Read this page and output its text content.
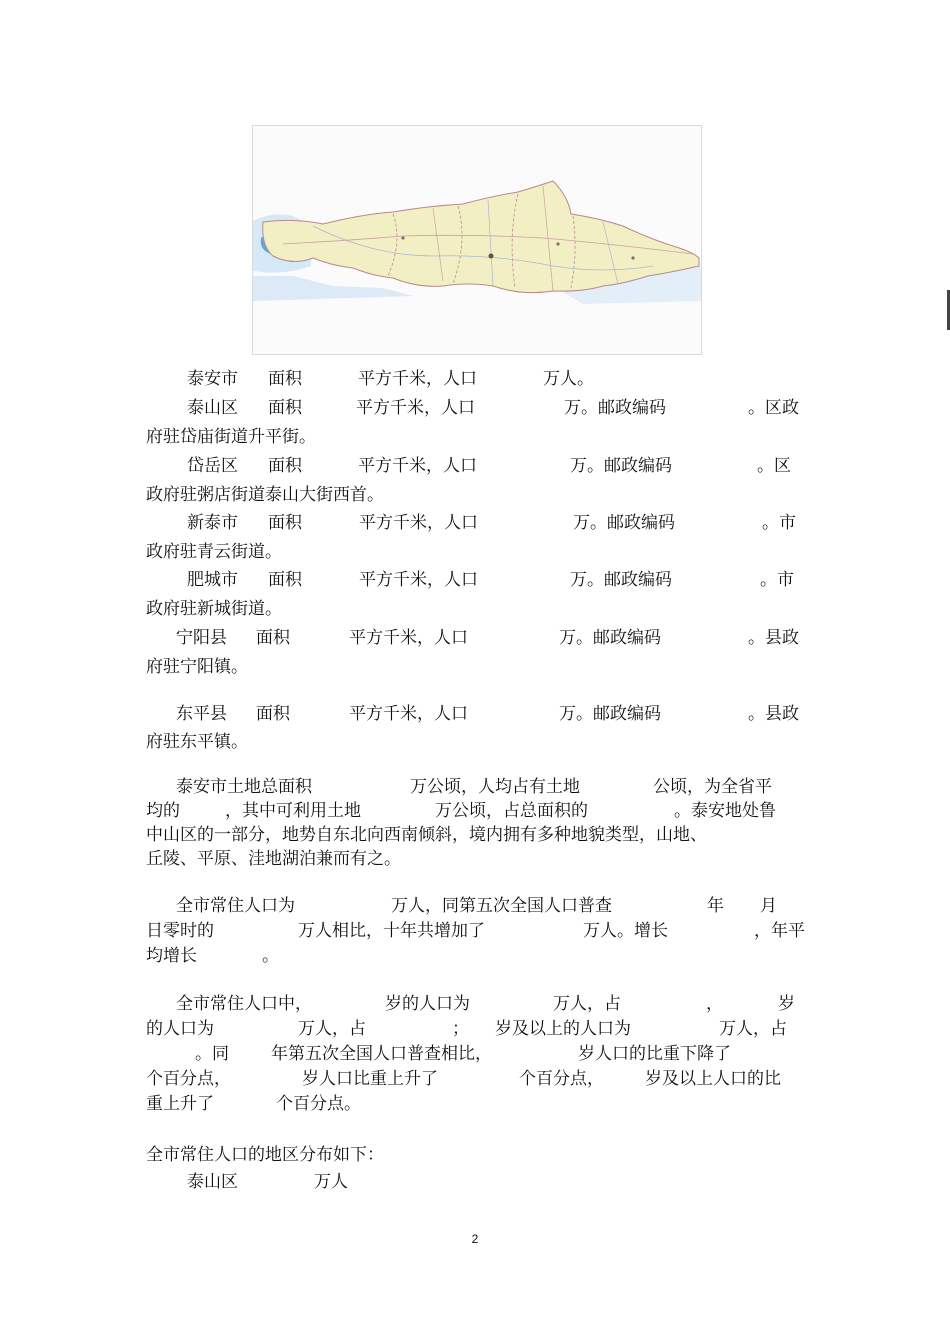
泰安市 面积	平方千米，人口	万人。
泰山区 面积	平方千米，人口	万。邮政编码	。区政
府驻岱庙街道升平街。
岱岳区 面积	平方千米，人口	万。邮政编码	。区
政府驻粥店街道泰山大街西首。
新泰市 面积	平方千米，人口	万。邮政编码	。市
政府驻青云街道。
肥城市 面积	平方千米，人口	万。邮政编码	。市
政府驻新城街道。
宁阳县 面积	平方千米，人口	万。邮政编码	。县政
府驻宁阳镇。
东平县 面积	平方千米，人口	万。邮政编码	。县政
府驻东平镇。
泰安市土地总面积	万公顷，人均占有土地	公顷，为全省平
均的	，其中可利用土地	万公顷，占总面积的	。泰安地处鲁
中山区的一部分，地势自东北向西南倾斜，境内拥有多种地貌类型，山地、
丘陵、平原、洼地湖泊兼而有之。
全市常住人口为	万人，同第五次全国人口普查	年 月
日零时的	万人相比，十年共增加了	万人。增长	，年平
均增长	。
全市常住人口中，	岁的人口为	万人，占	，	岁
的人口为	万人，占	； 岁及以上的人口为	万人，占
。同 年第五次全国人口普查相比，	岁人口的比重下降了
个百分点，	岁人口比重上升了	个百分点， 岁及以上人口的比
重上升了	个百分点。
全市常住人口的地区分布如下：
泰山区	万人
2
